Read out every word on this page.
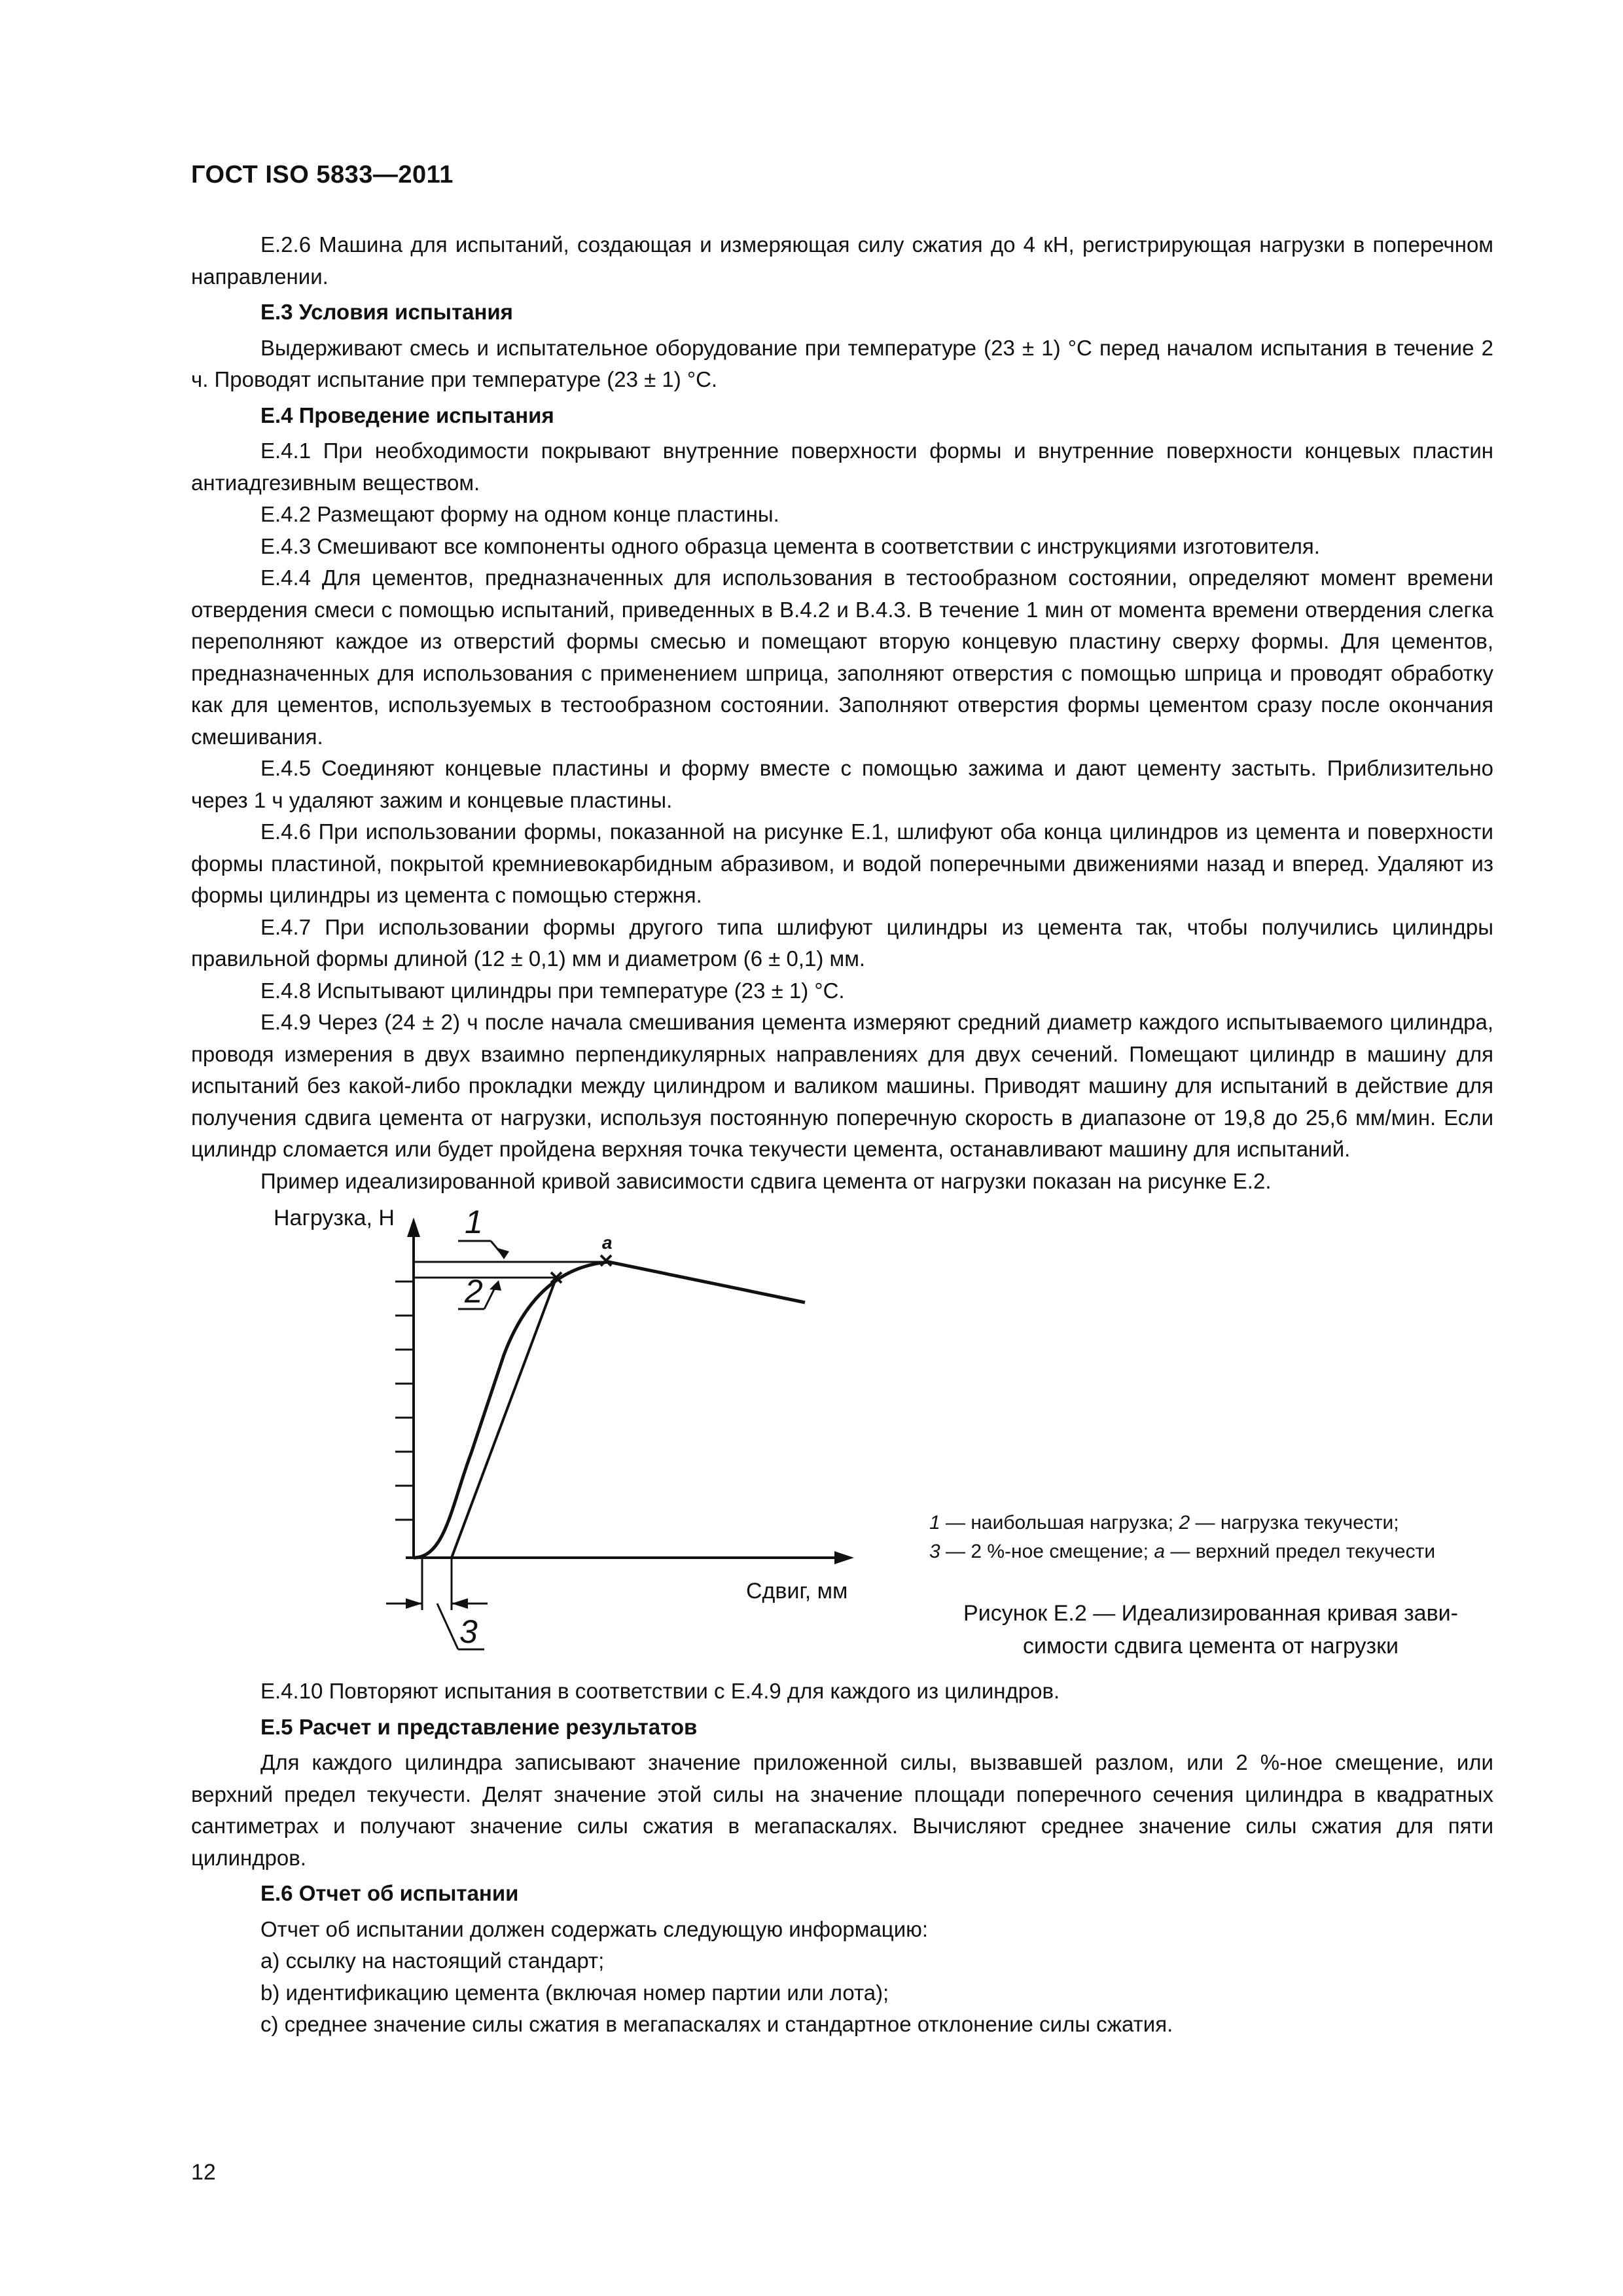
ГОСТ ISO 5833—2011

E.2.6 Машина для испытаний, создающая и измеряющая силу сжатия до 4 кН, регистрирующая нагрузки в поперечном направлении.

E.3 Условия испытания

Выдерживают смесь и испытательное оборудование при температуре (23 ± 1) °С перед началом испытания в течение 2 ч. Проводят испытание при температуре (23 ± 1) °С.

E.4 Проведение испытания

E.4.1 При необходимости покрывают внутренние поверхности формы и внутренние поверхности концевых пластин антиадгезивным веществом.

E.4.2 Размещают форму на одном конце пластины.

E.4.3 Смешивают все компоненты одного образца цемента в соответствии с инструкциями изготовителя.

E.4.4 Для цементов, предназначенных для использования в тестообразном состоянии, определяют момент времени отвердения смеси с помощью испытаний, приведенных в В.4.2 и В.4.3. В течение 1 мин от момента времени отвердения слегка переполняют каждое из отверстий формы смесью и помещают вторую концевую пластину сверху формы. Для цементов, предназначенных для использования с применением шприца, заполняют отверстия с помощью шприца и проводят обработку как для цементов, используемых в тестообразном состоянии. Заполняют отверстия формы цементом сразу после окончания смешивания.

E.4.5 Соединяют концевые пластины и форму вместе с помощью зажима и дают цементу застыть. Приблизительно через 1 ч удаляют зажим и концевые пластины.

E.4.6 При использовании формы, показанной на рисунке E.1, шлифуют оба конца цилиндров из цемента и поверхности формы пластиной, покрытой кремниевокарбидным абразивом, и водой поперечными движениями назад и вперед. Удаляют из формы цилиндры из цемента с помощью стержня.

E.4.7 При использовании формы другого типа шлифуют цилиндры из цемента так, чтобы получились цилиндры правильной формы длиной (12 ± 0,1) мм и диаметром (6 ± 0,1) мм.

E.4.8 Испытывают цилиндры при температуре (23 ± 1) °С.

E.4.9 Через (24 ± 2) ч после начала смешивания цемента измеряют средний диаметр каждого испытываемого цилиндра, проводя измерения в двух взаимно перпендикулярных направлениях для двух сечений. Помещают цилиндр в машину для испытаний без какой-либо прокладки между цилиндром и валиком машины. Приводят машину для испытаний в действие для получения сдвига цемента от нагрузки, используя постоянную поперечную скорость в диапазоне от 19,8 до 25,6 мм/мин. Если цилиндр сломается или будет пройдена верхняя точка текучести цемента, останавливают машину для испытаний.

Пример идеализированной кривой зависимости сдвига цемента от нагрузки показан на рисунке E.2.

Нагрузка, Н
Сдвиг, мм
1
2
3
a
1 — наибольшая нагрузка; 2 — нагрузка текучести;
3 — 2 %-ное смещение; a — верхний предел текучести
Рисунок E.2 — Идеализированная кривая зави-
симости сдвига цемента от нагрузки

E.4.10 Повторяют испытания в соответствии с E.4.9 для каждого из цилиндров.

E.5 Расчет и представление результатов

Для каждого цилиндра записывают значение приложенной силы, вызвавшей разлом, или 2 %-ное смещение, или верхний предел текучести. Делят значение этой силы на значение площади поперечного сечения цилиндра в квадратных сантиметрах и получают значение силы сжатия в мегапаскалях. Вычисляют среднее значение силы сжатия для пяти цилиндров.

E.6 Отчет об испытании

Отчет об испытании должен содержать следующую информацию:

a) ссылку на настоящий стандарт;
b) идентификацию цемента (включая номер партии или лота);
c) среднее значение силы сжатия в мегапаскалях и стандартное отклонение силы сжатия.
12
